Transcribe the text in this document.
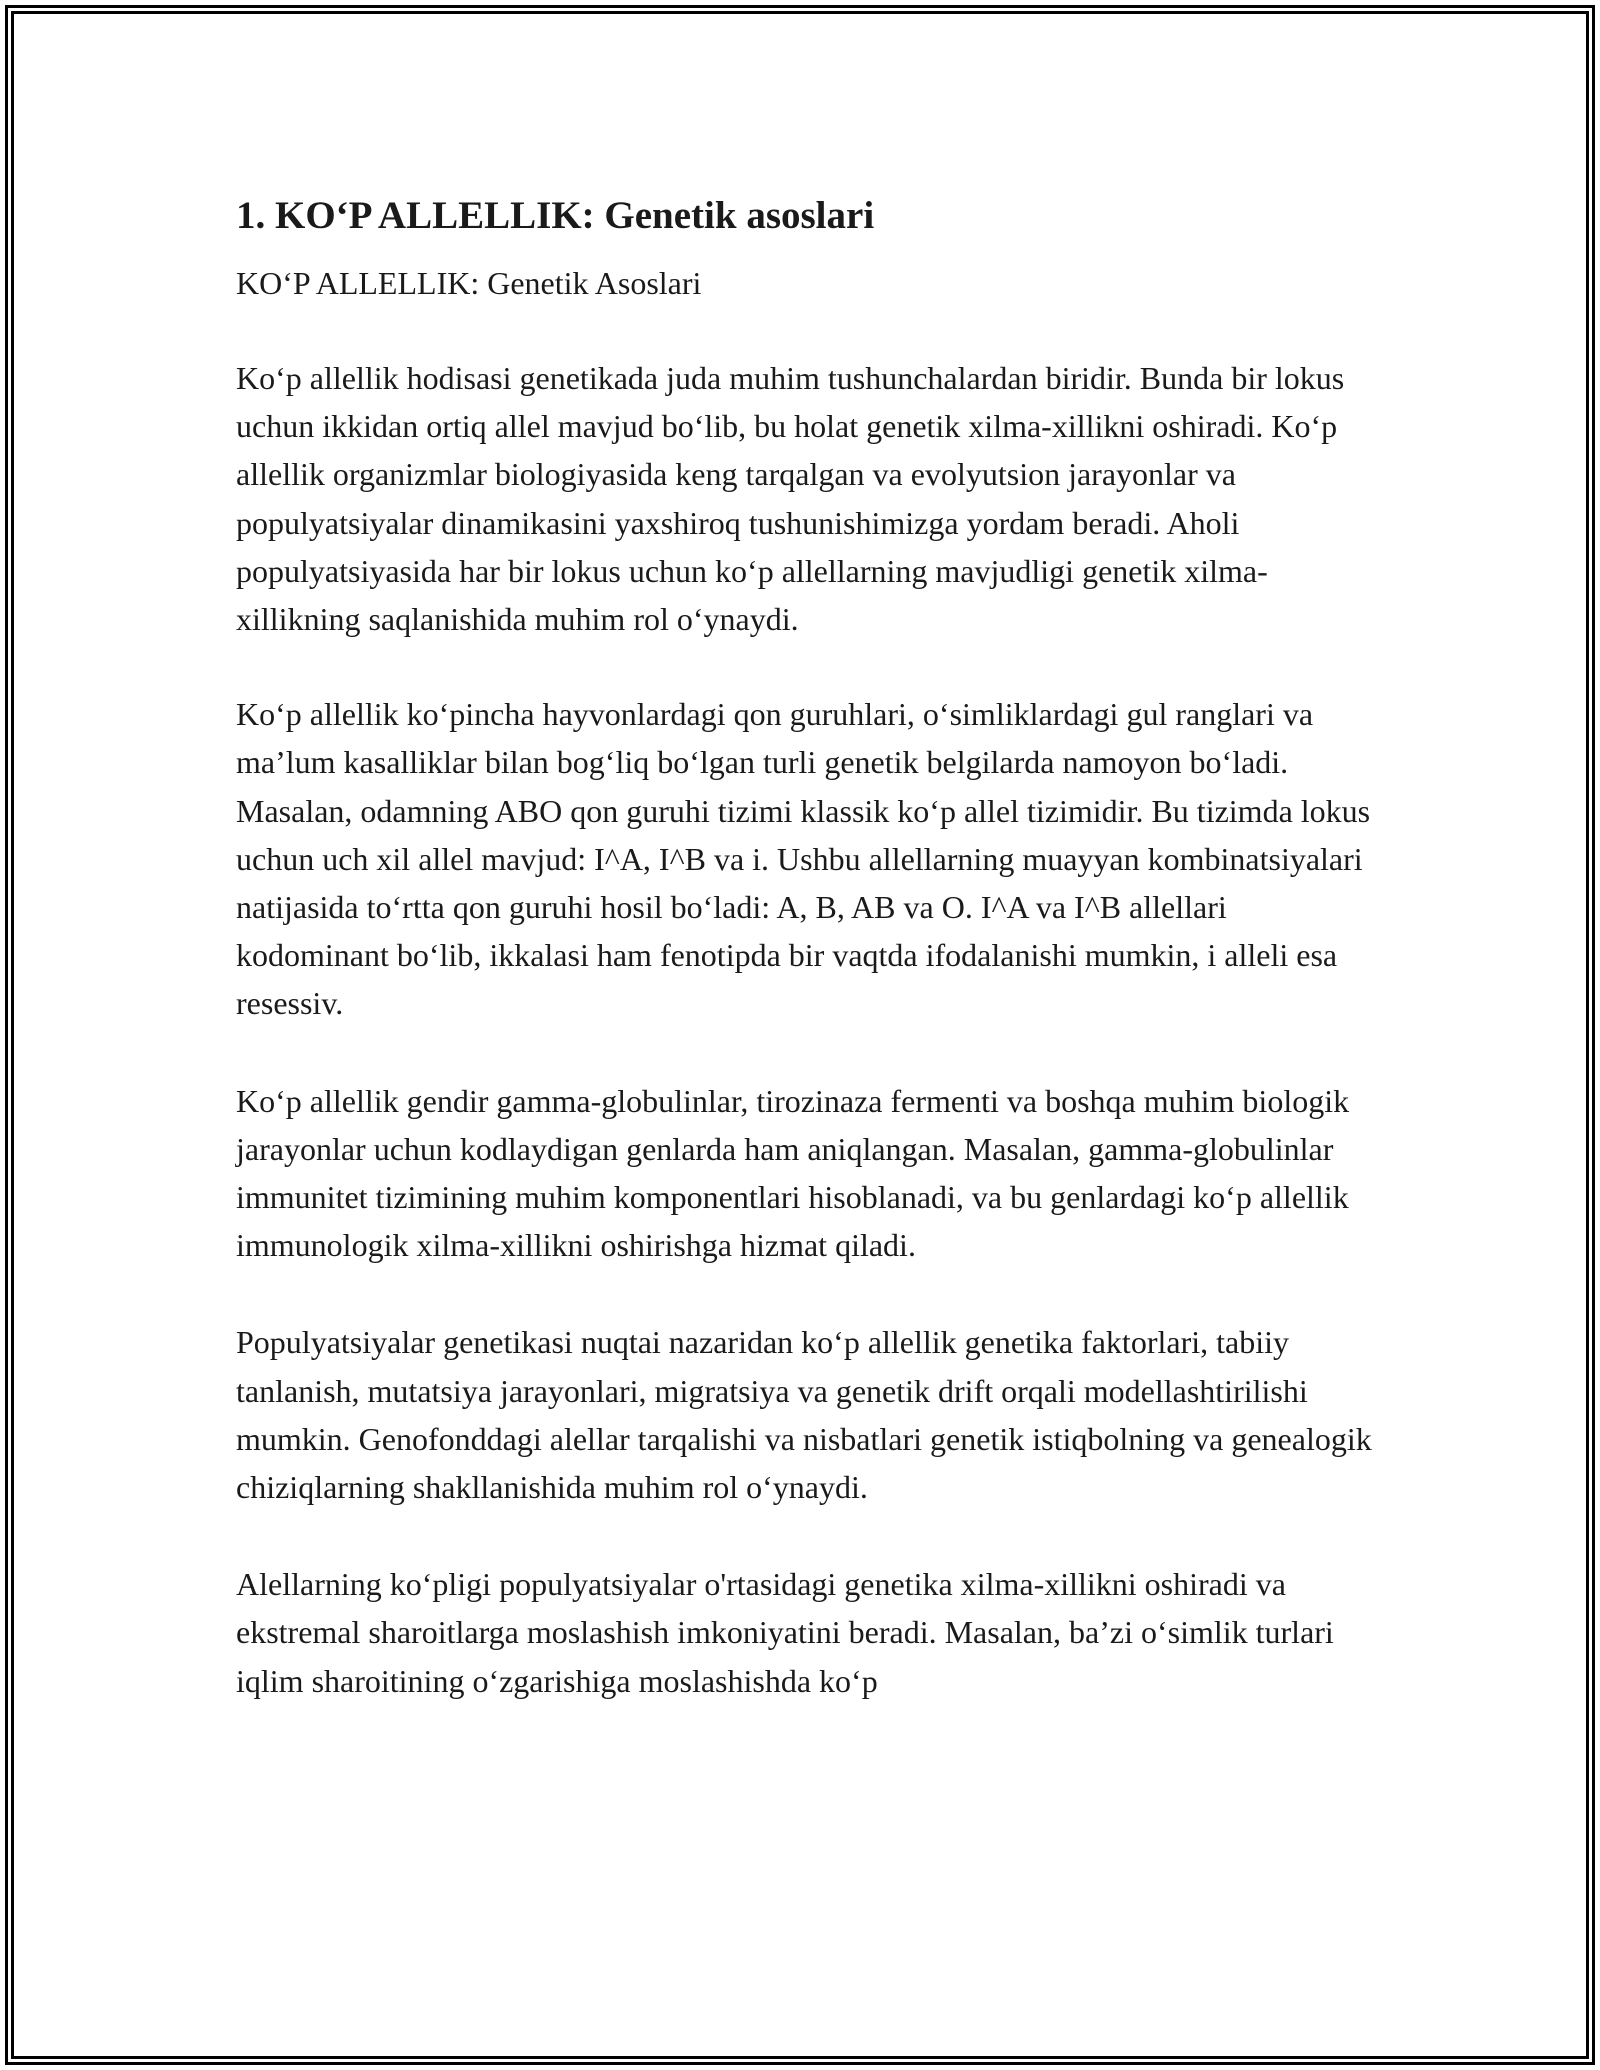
1. KO‘P ALLELLIK: Genetik asoslari

KO‘P ALLELLIK: Genetik Asoslari

Ko‘p allellik hodisasi genetikada juda muhim tushunchalardan biridir. Bunda bir lokus uchun ikkidan ortiq allel mavjud bo‘lib, bu holat genetik xilma-xillikni oshiradi. Ko‘p allellik organizmlar biologiyasida keng tarqalgan va evolyutsion jarayonlar va populyatsiyalar dinamikasini yaxshiroq tushunishimizga yordam beradi. Aholi populyatsiyasida har bir lokus uchun ko‘p allellarning mavjudligi genetik xilma-xillikning saqlanishida muhim rol o‘ynaydi.

Ko‘p allellik ko‘pincha hayvonlardagi qon guruhlari, o‘simliklardagi gul ranglari va ma’lum kasalliklar bilan bog‘liq bo‘lgan turli genetik belgilarda namoyon bo‘ladi. Masalan, odamning ABO qon guruhi tizimi klassik ko‘p allel tizimidir. Bu tizimda lokus uchun uch xil allel mavjud: I^A, I^B va i. Ushbu allellarning muayyan kombinatsiyalari natijasida to‘rtta qon guruhi hosil bo‘ladi: A, B, AB va O. I^A va I^B allellari kodominant bo‘lib, ikkalasi ham fenotipda bir vaqtda ifodalanishi mumkin, i alleli esa resessiv.

Ko‘p allellik gendir gamma-globulinlar, tirozinaza fermenti va boshqa muhim biologik jarayonlar uchun kodlaydigan genlarda ham aniqlangan. Masalan, gamma-globulinlar immunitet tizimining muhim komponentlari hisoblanadi, va bu genlardagi ko‘p allellik immunologik xilma-xillikni oshirishga hizmat qiladi.

Populyatsiyalar genetikasi nuqtai nazaridan ko‘p allellik genetika faktorlari, tabiiy tanlanish, mutatsiya jarayonlari, migratsiya va genetik drift orqali modellashtirilishi mumkin. Genofonddagi alellar tarqalishi va nisbatlari genetik istiqbolning va genealogik chiziqlarning shakllanishida muhim rol o‘ynaydi.

Alellarning ko‘pligi populyatsiyalar o'rtasidagi genetika xilma-xillikni oshiradi va ekstremal sharoitlarga moslashish imkoniyatini beradi. Masalan, ba’zi o‘simlik turlari iqlim sharoitining o‘zgarishiga moslashishda ko‘p
